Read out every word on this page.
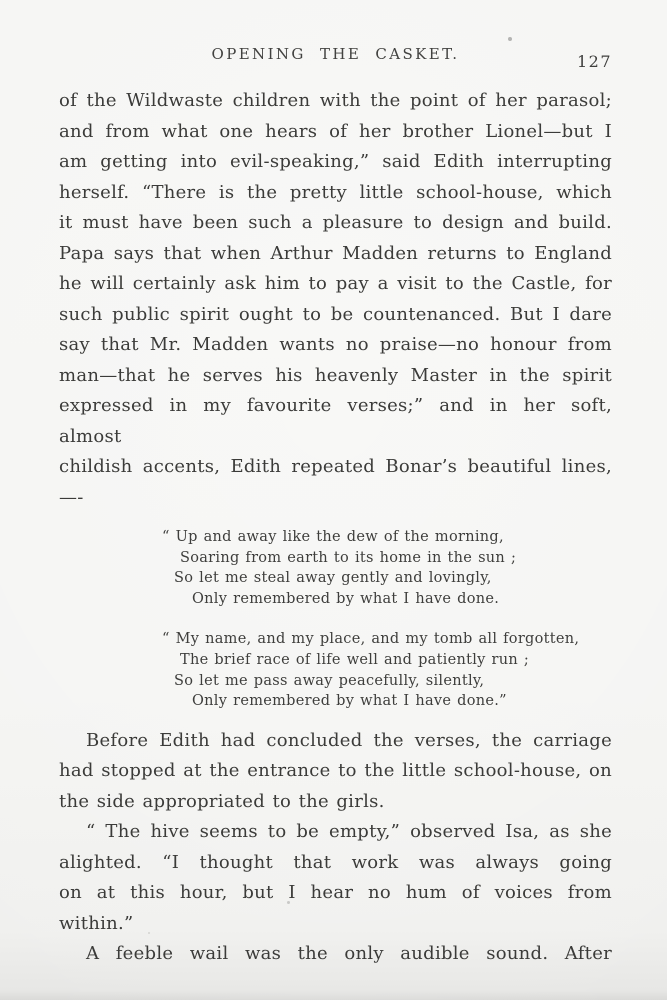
OPENING THE CASKET.	127
of the Wildwaste children with the point of her parasol;
and from what one hears of her brother Lionel—but I
am getting into evil-speaking,” said Edith interrupting
herself. “There is the pretty little school-house, which
it must have been such a pleasure to design and build.
Papa says that when Arthur Madden returns to England
he will certainly ask him to pay a visit to the Castle, for
such public spirit ought to be countenanced. But I dare
say that Mr. Madden wants no praise—no honour from
man—that he serves his heavenly Master in the spirit
expressed in my favourite verses;” and in her soft, almost
childish accents, Edith repeated Bonar’s beautiful lines,—-
“ Up and away like the dew of the morning,
Soaring from earth to its home in the sun ;
So let me steal away gently and lovingly,
Only remembered by what I have done.
“ My name, and my place, and my tomb all forgotten,
The brief race of life well and patiently run ;
So let me pass away peacefully, silently,
Only remembered by what I have done.”
Before Edith had concluded the verses, the carriage
had stopped at the entrance to the little school-house, on
the side appropriated to the girls.
“ The hive seems to be empty,” observed Isa, as she
alighted. “I thought that work was always going
on at this hour, but I hear no hum of voices from
within.”
A feeble wail was the only audible sound. After
